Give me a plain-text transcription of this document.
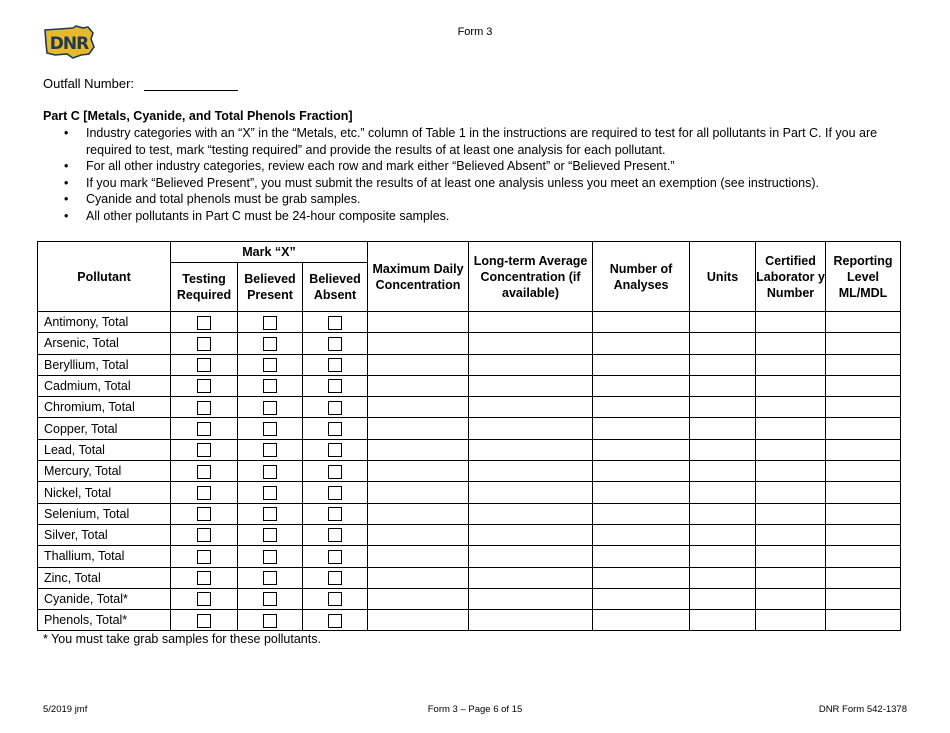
DNR
Form 3
Outfall Number:
Part C [Metals, Cyanide, and Total Phenols Fraction]
• Industry categories with an “X” in the “Metals, etc.” column of Table 1 in the instructions are required to test for all pollutants in Part C. If you are required to test, mark “testing required” and provide the results of at least one analysis for each pollutant.
• For all other industry categories, review each row and mark either “Believed Absent” or “Believed Present.”
• If you mark “Believed Present”, you must submit the results of at least one analysis unless you meet an exemption (see instructions).
• Cyanide and total phenols must be grab samples.
• All other pollutants in Part C must be 24-hour composite samples.
Pollutant	Mark “X”			Maximum Daily Concentration	Long-term Average Concentration (if available)	Number of Analyses	Units	Certified Laborator y Number	Reporting Level ML/MDL
	Testing Required	Believed Present	Believed Absent						
Antimony, Total									
Arsenic, Total									
Beryllium, Total									
Cadmium, Total									
Chromium, Total									
Copper, Total									
Lead, Total									
Mercury, Total									
Nickel, Total									
Selenium, Total									
Silver, Total									
Thallium, Total									
Zinc, Total									
Cyanide, Total*									
Phenols, Total*									
* You must take grab samples for these pollutants.
5/2019 jmf	Form 3 – Page 6 of 15	DNR Form 542-1378
